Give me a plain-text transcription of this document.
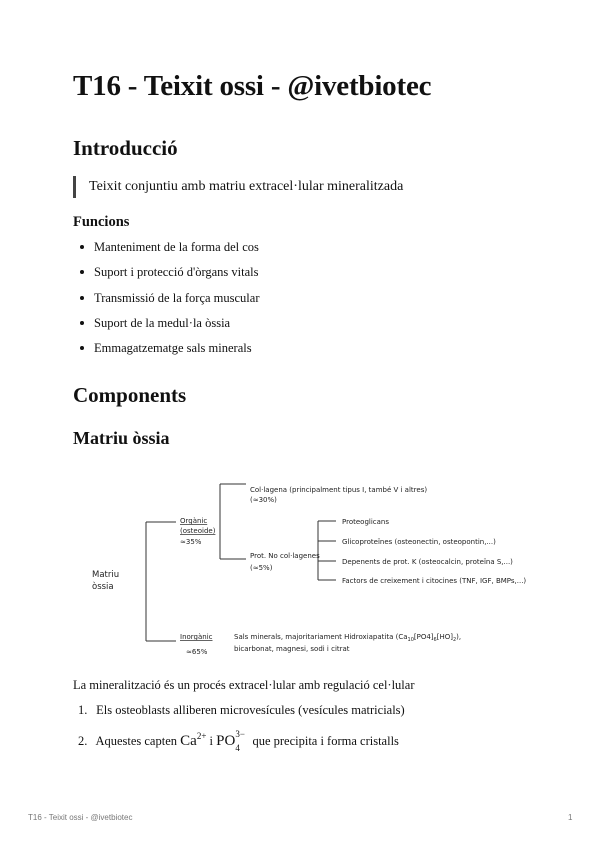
T16 - Teixit ossi - @ivetbiotec
Introducció
Teixit conjuntiu amb matriu extracel·lular mineralitzada
Funcions
Manteniment de la forma del cos
Suport i protecció d'òrgans vitals
Transmissió de la força muscular
Suport de la medul·la òssia
Emmagatzematge sals minerals
Components
Matriu òssia
Matriu
òssia
Orgànic
(osteoide)
≈35%
Col·lagena (principalment tipus I, també V i altres)
(≈30%)
Prot. No col·lagenes
(≈5%)
Proteoglicans
Glicoproteïnes (osteonectin, osteopontin,...)
Depenents de prot. K (osteocalcin, proteïna S,...)
Factors de creixement i citocines (TNF, IGF, BMPs,...)
Inorgànic
≈65%
Sals minerals, majoritariament Hidroxiapatita $(Ca_{10}[PO4]_6[HO]_2)$,
bicarbonat, magnesi, sodi i citrat
La mineralització és un procés extracel·lular amb regulació cel·lular
1. Els osteoblasts alliberen microvesícules (vesícules matricials)
2. Aquestes capten $Ca^{2+}$ i PO 3−
4 que precipita i forma cristalls
T16 - Teixit ossi - @ivetbiotec	1
